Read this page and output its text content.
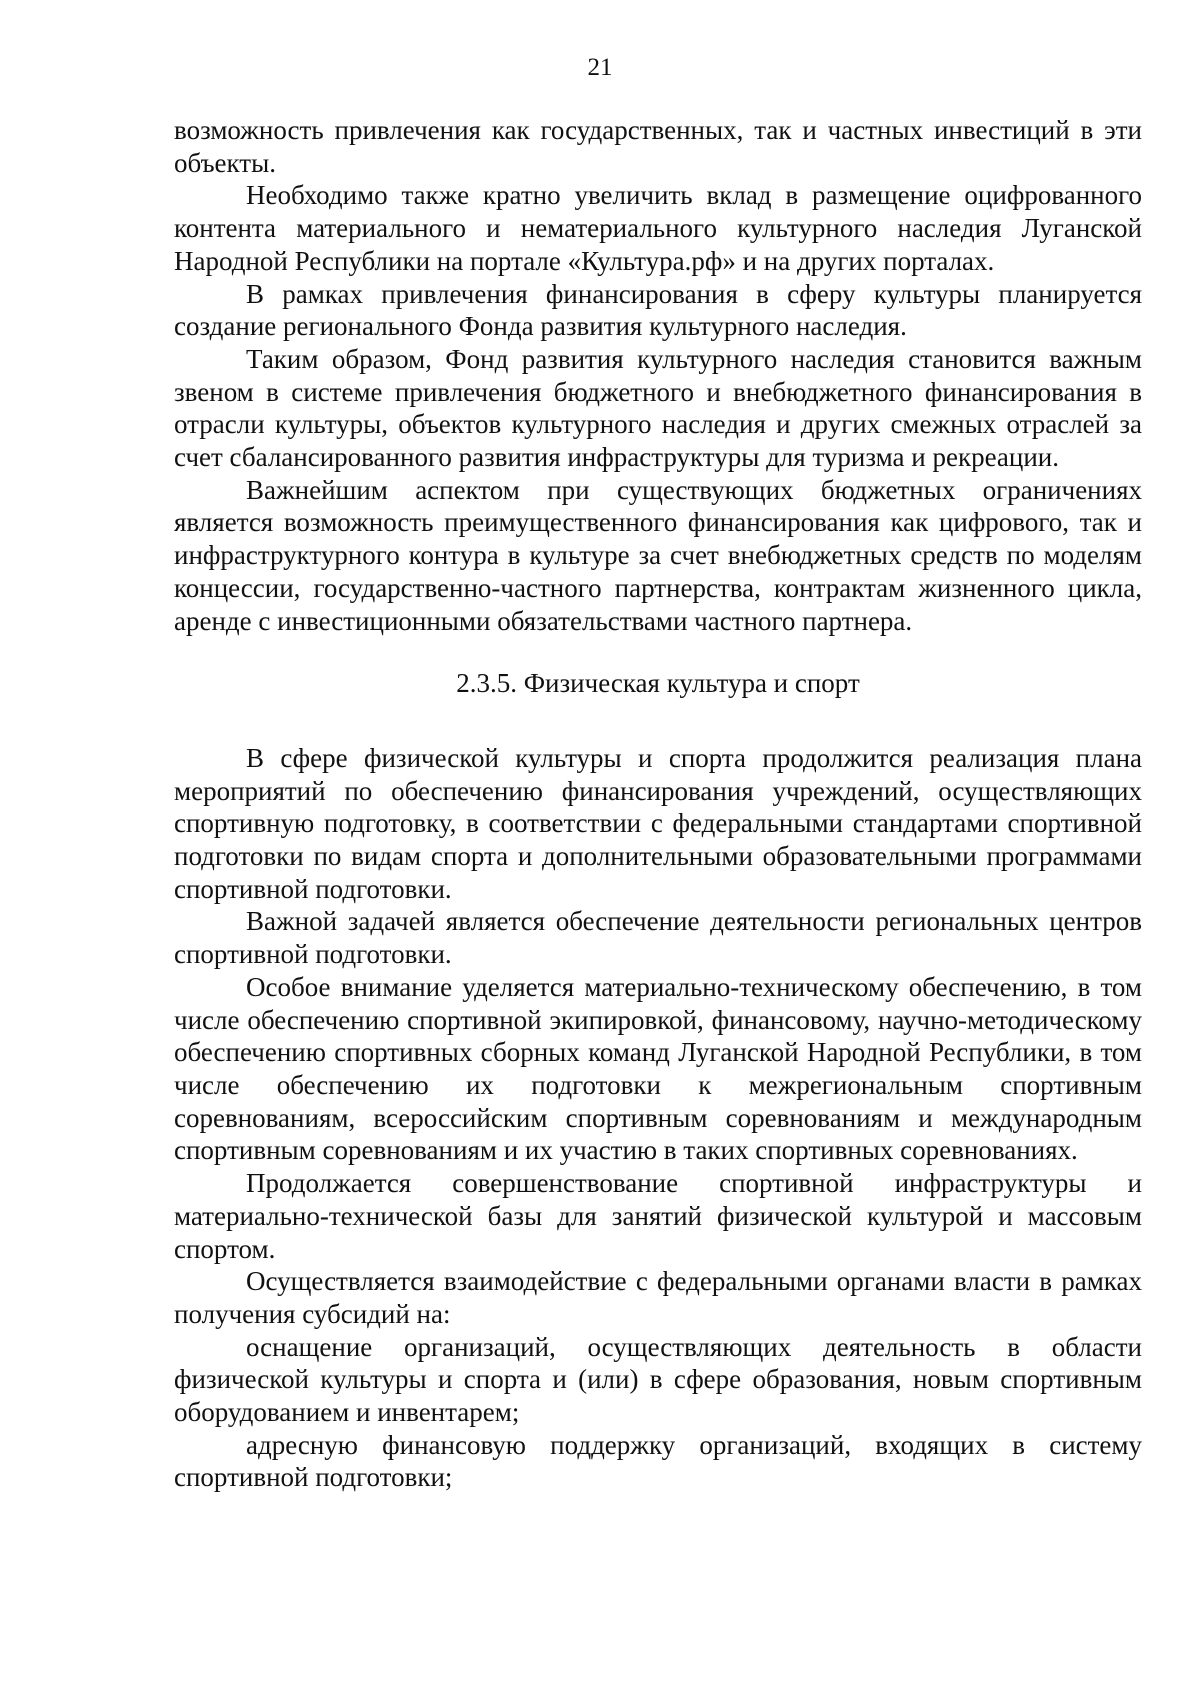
21

возможность привлечения как государственных, так и частных инвестиций в эти объекты.

Необходимо также кратно увеличить вклад в размещение оцифрованного контента материального и нематериального культурного наследия Луганской Народной Республики на портале «Культура.рф» и на других порталах.

В рамках привлечения финансирования в сферу культуры планируется создание регионального Фонда развития культурного наследия.

Таким образом, Фонд развития культурного наследия становится важным звеном в системе привлечения бюджетного и внебюджетного финансирования в отрасли культуры, объектов культурного наследия и других смежных отраслей за счет сбалансированного развития инфраструктуры для туризма и рекреации.

Важнейшим аспектом при существующих бюджетных ограничениях является возможность преимущественного финансирования как цифрового, так и инфраструктурного контура в культуре за счет внебюджетных средств по моделям концессии, государственно-частного партнерства, контрактам жизненного цикла, аренде с инвестиционными обязательствами частного партнера.

2.3.5. Физическая культура и спорт

В сфере физической культуры и спорта продолжится реализация плана мероприятий по обеспечению финансирования учреждений, осуществляющих спортивную подготовку, в соответствии с федеральными стандартами спортивной подготовки по видам спорта и дополнительными образовательными программами спортивной подготовки.

Важной задачей является обеспечение деятельности региональных центров спортивной подготовки.

Особое внимание уделяется материально-техническому обеспечению, в том числе обеспечению спортивной экипировкой, финансовому, научно-методическому обеспечению спортивных сборных команд Луганской Народной Республики, в том числе обеспечению их подготовки к межрегиональным спортивным соревнованиям, всероссийским спортивным соревнованиям и международным спортивным соревнованиям и их участию в таких спортивных соревнованиях.

Продолжается совершенствование спортивной инфраструктуры и материально-технической базы для занятий физической культурой и массовым спортом.

Осуществляется взаимодействие с федеральными органами власти в рамках получения субсидий на:

оснащение организаций, осуществляющих деятельность в области физической культуры и спорта и (или) в сфере образования, новым спортивным оборудованием и инвентарем;

адресную финансовую поддержку организаций, входящих в систему спортивной подготовки;
